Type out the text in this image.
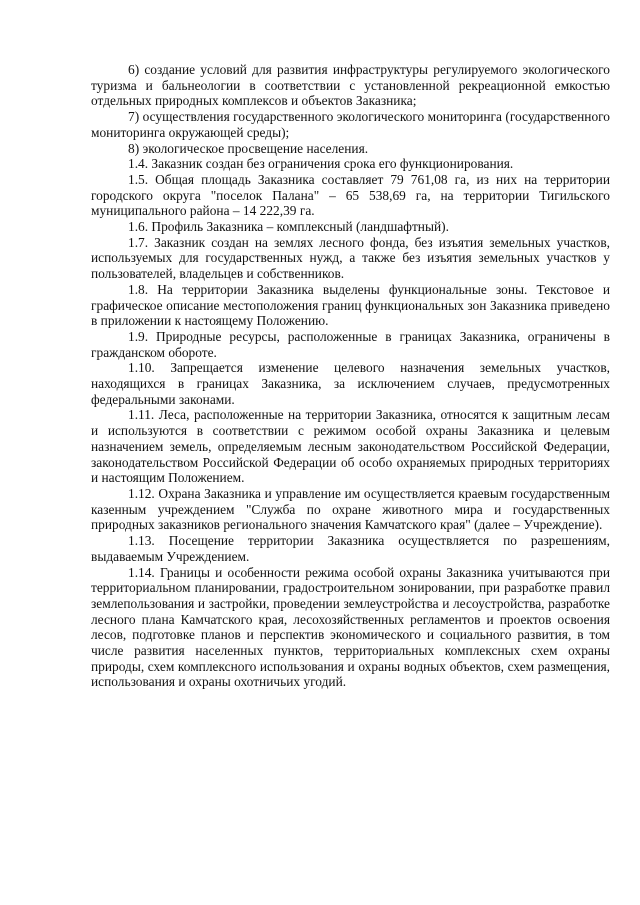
6) создание условий для развития инфраструктуры регулируемого экологического туризма и бальнеологии в соответствии с установленной рекреационной емкостью отдельных природных комплексов и объектов Заказника;

7) осуществления государственного экологического мониторинга (государственного мониторинга окружающей среды);

8) экологическое просвещение населения.

1.4. Заказник создан без ограничения срока его функционирования.

1.5. Общая площадь Заказника составляет 79 761,08 га, из них на территории городского округа "поселок Палана" – 65 538,69 га, на территории Тигильского муниципального района – 14 222,39 га.

1.6. Профиль Заказника – комплексный (ландшафтный).

1.7. Заказник создан на землях лесного фонда, без изъятия земельных участков, используемых для государственных нужд, а также без изъятия земельных участков у пользователей, владельцев и собственников.

1.8. На территории Заказника выделены функциональные зоны. Текстовое и графическое описание местоположения границ функциональных зон Заказника приведено в приложении к настоящему Положению.

1.9. Природные ресурсы, расположенные в границах Заказника, ограничены в гражданском обороте.

1.10. Запрещается изменение целевого назначения земельных участков, находящихся в границах Заказника, за исключением случаев, предусмотренных федеральными законами.

1.11. Леса, расположенные на территории Заказника, относятся к защитным лесам и используются в соответствии с режимом особой охраны Заказника и целевым назначением земель, определяемым лесным законодательством Российской Федерации, законодательством Российской Федерации об особо охраняемых природных территориях и настоящим Положением.

1.12. Охрана Заказника и управление им осуществляется краевым государственным казенным учреждением "Служба по охране животного мира и государственных природных заказников регионального значения Камчатского края" (далее – Учреждение).

1.13. Посещение территории Заказника осуществляется по разрешениям, выдаваемым Учреждением.

1.14. Границы и особенности режима особой охраны Заказника учитываются при территориальном планировании, градостроительном зонировании, при разработке правил землепользования и застройки, проведении землеустройства и лесоустройства, разработке лесного плана Камчатского края, лесохозяйственных регламентов и проектов освоения лесов, подготовке планов и перспектив экономического и социального развития, в том числе развития населенных пунктов, территориальных комплексных схем охраны природы, схем комплексного использования и охраны водных объектов, схем размещения, использования и охраны охотничьих угодий.
